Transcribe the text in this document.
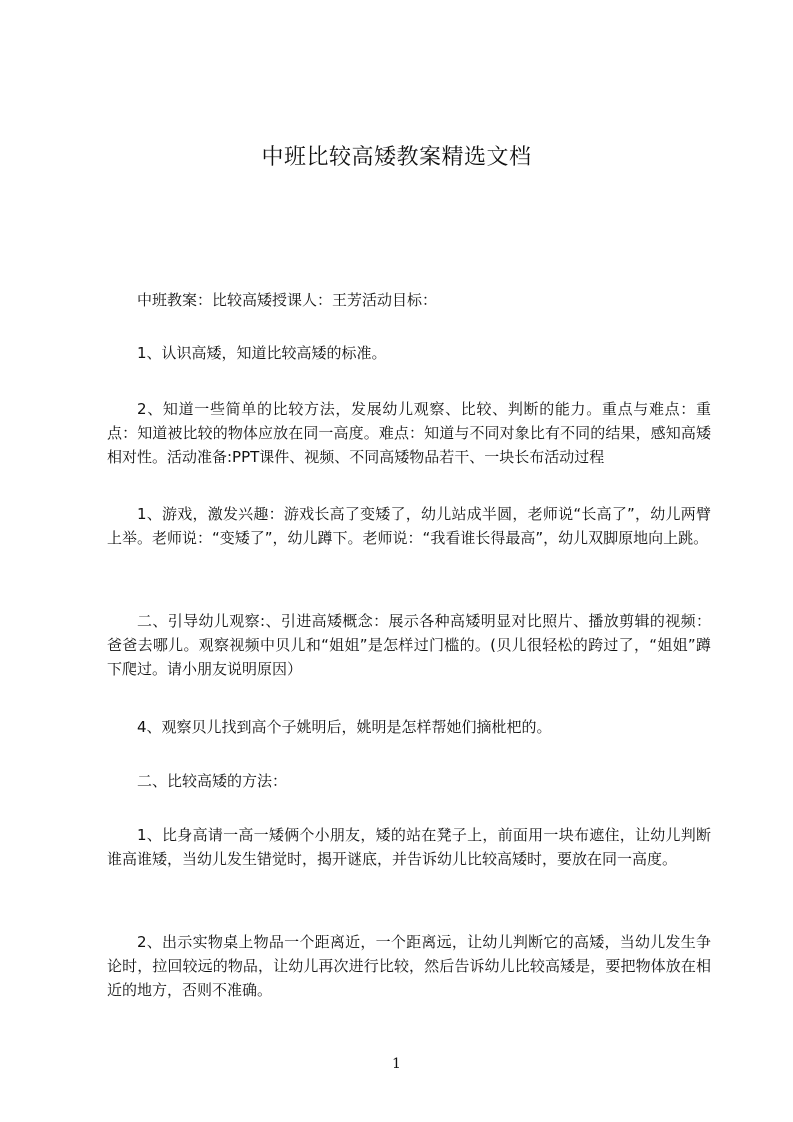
中班比较高矮教案精选文档

中班教案：比较高矮授课人：王芳活动目标：

1、认识高矮，知道比较高矮的标准。

2、知道一些简单的比较方法，发展幼儿观察、比较、判断的能力。重点与难点：重点：知道被比较的物体应放在同一高度。难点：知道与不同对象比有不同的结果，感知高矮相对性。活动准备:PPT课件、视频、不同高矮物品若干、一块长布活动过程

1、游戏，激发兴趣：游戏长高了变矮了，幼儿站成半圆，老师说“长高了”，幼儿两臂上举。老师说：“变矮了”，幼儿蹲下。老师说：“我看谁长得最高”，幼儿双脚原地向上跳。

二、引导幼儿观察:、引进高矮概念：展示各种高矮明显对比照片、播放剪辑的视频：爸爸去哪儿。观察视频中贝儿和“姐姐”是怎样过门槛的。(贝儿很轻松的跨过了，“姐姐”蹲下爬过。请小朋友说明原因）

4、观察贝儿找到高个子姚明后，姚明是怎样帮她们摘枇杷的。

二、比较高矮的方法：

1、比身高请一高一矮俩个小朋友，矮的站在凳子上，前面用一块布遮住，让幼儿判断谁高谁矮，当幼儿发生错觉时，揭开谜底，并告诉幼儿比较高矮时，要放在同一高度。

2、出示实物桌上物品一个距离近，一个距离远，让幼儿判断它的高矮，当幼儿发生争论时，拉回较远的物品，让幼儿再次进行比较，然后告诉幼儿比较高矮是，要把物体放在相近的地方，否则不准确。

1
